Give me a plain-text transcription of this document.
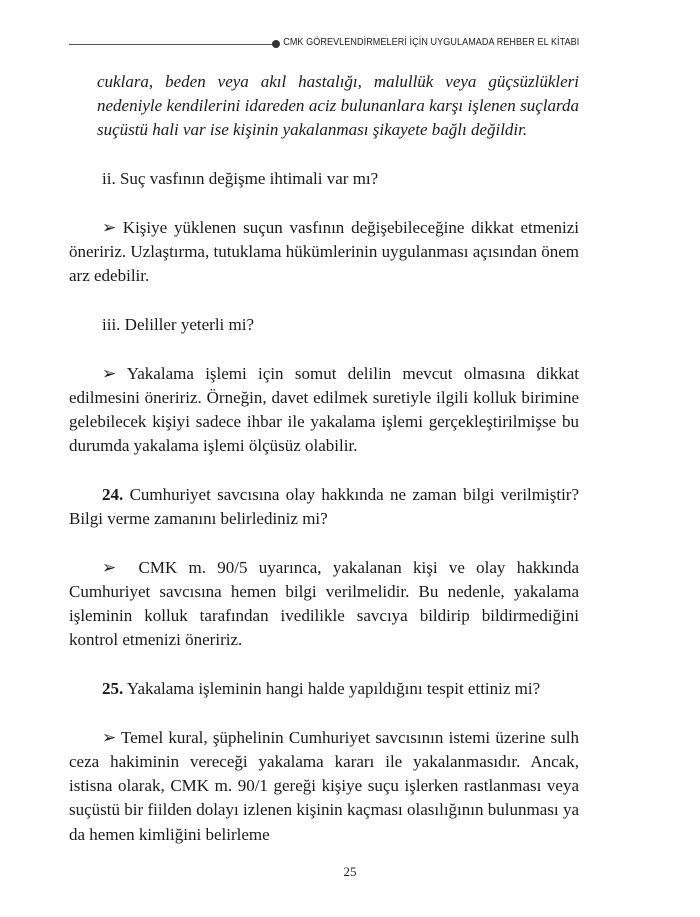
CMK GÖREVLENDİRMELERİ İÇİN UYGULAMADA REHBER EL KİTABI

cuklara, beden veya akıl hastalığı, malullük veya güçsüzlükleri nedeniyle kendilerini idareden aciz bulunanlara karşı işlenen suçlarda suçüstü hali var ise kişinin yakalanması şikayete bağlı değildir.

ii. Suç vasfının değişme ihtimali var mı?

➢ Kişiye yüklenen suçun vasfının değişebileceğine dikkat etmenizi öneririz. Uzlaştırma, tutuklama hükümlerinin uygulanması açısından önem arz edebilir.

iii. Deliller yeterli mi?

➢ Yakalama işlemi için somut delilin mevcut olmasına dikkat edilmesini öneririz. Örneğin, davet edilmek suretiyle ilgili kolluk birimine gelebilecek kişiyi sadece ihbar ile yakalama işlemi gerçekleştirilmişse bu durumda yakalama işlemi ölçüsüz olabilir.

24. Cumhuriyet savcısına olay hakkında ne zaman bilgi verilmiştir? Bilgi verme zamanını belirlediniz mi?

➢ CMK m. 90/5 uyarınca, yakalanan kişi ve olay hakkında Cumhuriyet savcısına hemen bilgi verilmelidir. Bu nedenle, yakalama işleminin kolluk tarafından ivedilikle savcıya bildirip bildirmediğini kontrol etmenizi öneririz.

25. Yakalama işleminin hangi halde yapıldığını tespit ettiniz mi?

➢ Temel kural, şüphelinin Cumhuriyet savcısının istemi üzerine sulh ceza hakiminin vereceği yakalama kararı ile yakalanmasıdır. Ancak, istisna olarak, CMK m. 90/1 gereği kişiye suçu işlerken rastlanması veya suçüstü bir fiilden dolayı izlenen kişinin kaçması olasılığının bulunması ya da hemen kimliğini belirleme

25
